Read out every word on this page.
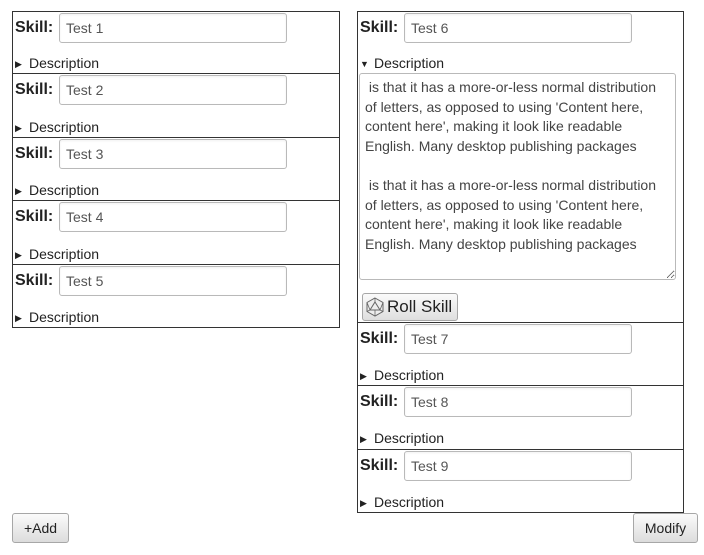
Skill:
Test 1
▶ Description
Skill:
Test 2
▶ Description
Skill:
Test 3
▶ Description
Skill:
Test 4
▶ Description
Skill:
Test 5
▶ Description
Skill:
Test 6
▼ Description
is that it has a more-or-less normal distribution of letters, as opposed to using 'Content here, content here', making it look like readable English. Many desktop publishing packages is that it has a more-or-less normal distribution of letters, as opposed to using 'Content here, content here', making it look like readable English. Many desktop publishing packages
Roll Skill
Skill:
Test 7
▶ Description
Skill:
Test 8
▶ Description
Skill:
Test 9
▶ Description
+Add	Modify
